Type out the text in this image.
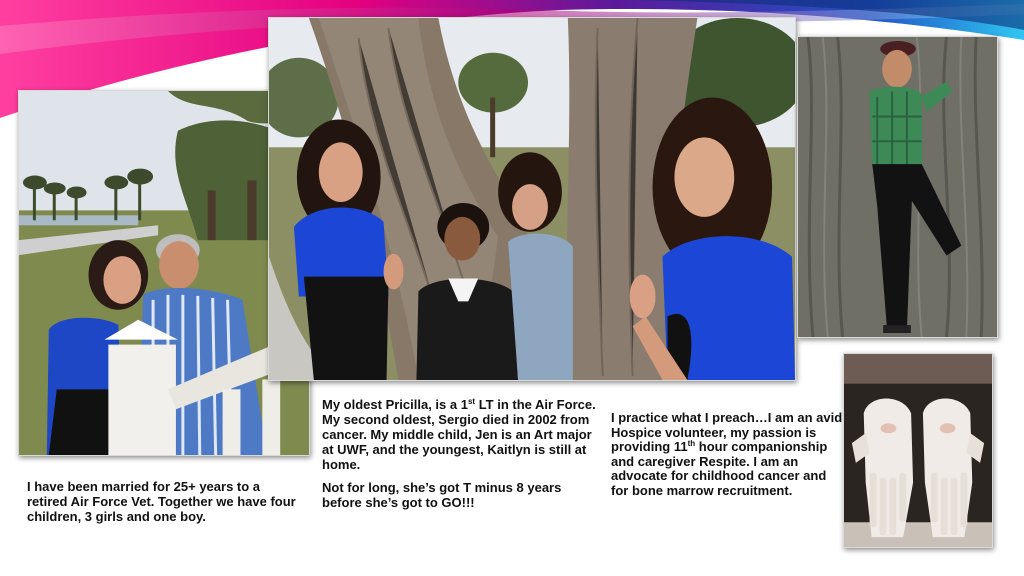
I have been married for 25+ years to a retired Air Force Vet. Together we have four children, 3 girls and one boy.

My oldest Pricilla, is a 1st LT in the Air Force. My second oldest, Sergio died in 2002 from cancer. My middle child, Jen is an Art major at UWF, and the youngest, Kaitlyn is still at home.

Not for long, she’s got T minus 8 years before she’s got to GO!!!

I practice what I preach…I am an avid Hospice volunteer, my passion is providing 11th hour companionship and caregiver Respite. I am an advocate for childhood cancer and for bone marrow recruitment.
